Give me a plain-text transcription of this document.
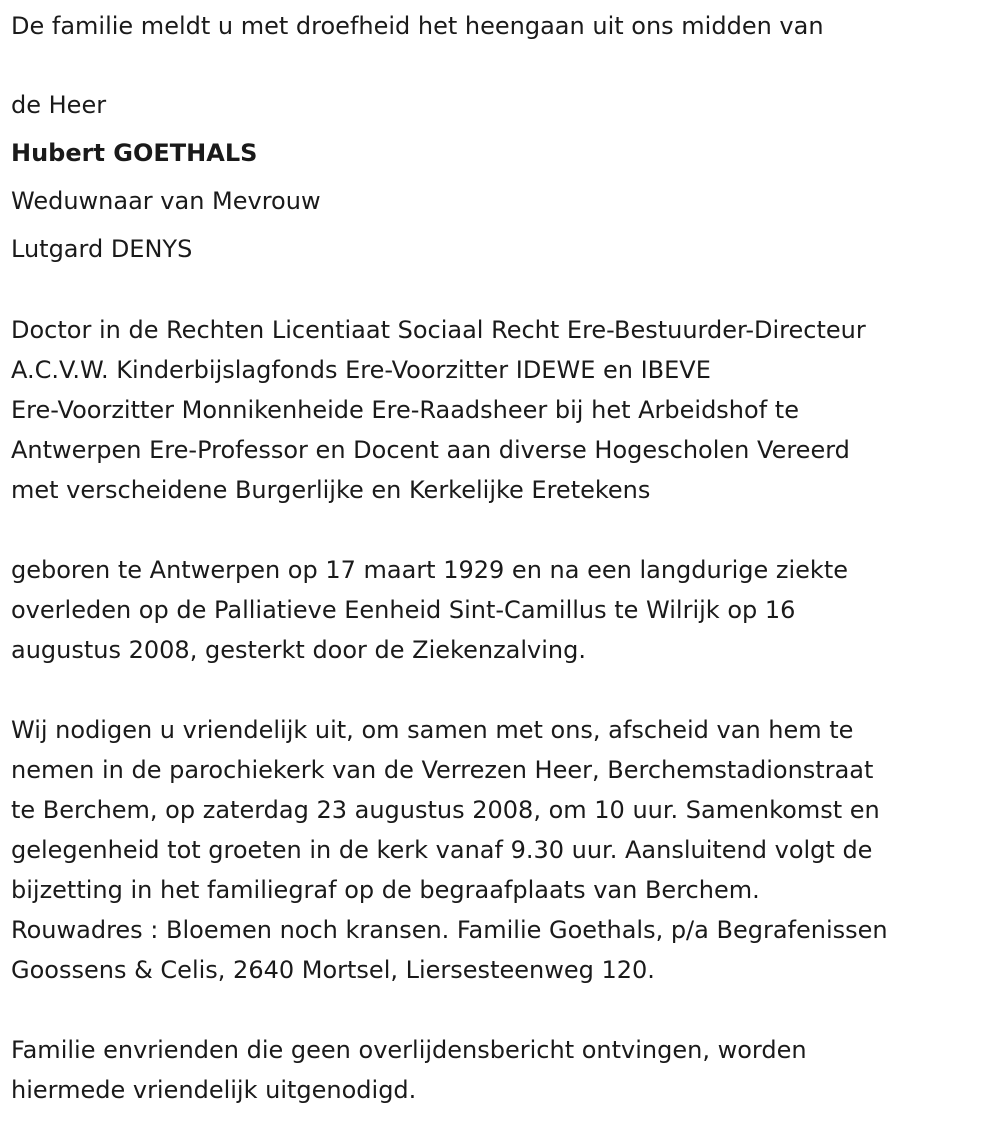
De familie meldt u met droefheid het heengaan uit ons midden van
de Heer
Hubert GOETHALS
Weduwnaar van Mevrouw
Lutgard DENYS
Doctor in de Rechten Licentiaat Sociaal Recht Ere-Bestuurder-Directeur
A.C.V.W. Kinderbijslagfonds Ere-Voorzitter IDEWE en IBEVE
Ere-Voorzitter Monnikenheide Ere-Raadsheer bij het Arbeidshof te
Antwerpen Ere-Professor en Docent aan diverse Hogescholen Vereerd
met verscheidene Burgerlijke en Kerkelijke Eretekens
geboren te Antwerpen op 17 maart 1929 en na een langdurige ziekte
overleden op de Palliatieve Eenheid Sint-Camillus te Wilrijk op 16
augustus 2008, gesterkt door de Ziekenzalving.
Wij nodigen u vriendelijk uit, om samen met ons, afscheid van hem te
nemen in de parochiekerk van de Verrezen Heer, Berchemstadionstraat
te Berchem, op zaterdag 23 augustus 2008, om 10 uur. Samenkomst en
gelegenheid tot groeten in de kerk vanaf 9.30 uur. Aansluitend volgt de
bijzetting in het familiegraf op de begraafplaats van Berchem.
Rouwadres : Bloemen noch kransen. Familie Goethals, p/a Begrafenissen
Goossens & Celis, 2640 Mortsel, Liersesteenweg 120.
Familie envrienden die geen overlijdensbericht ontvingen, worden
hiermede vriendelijk uitgenodigd.
